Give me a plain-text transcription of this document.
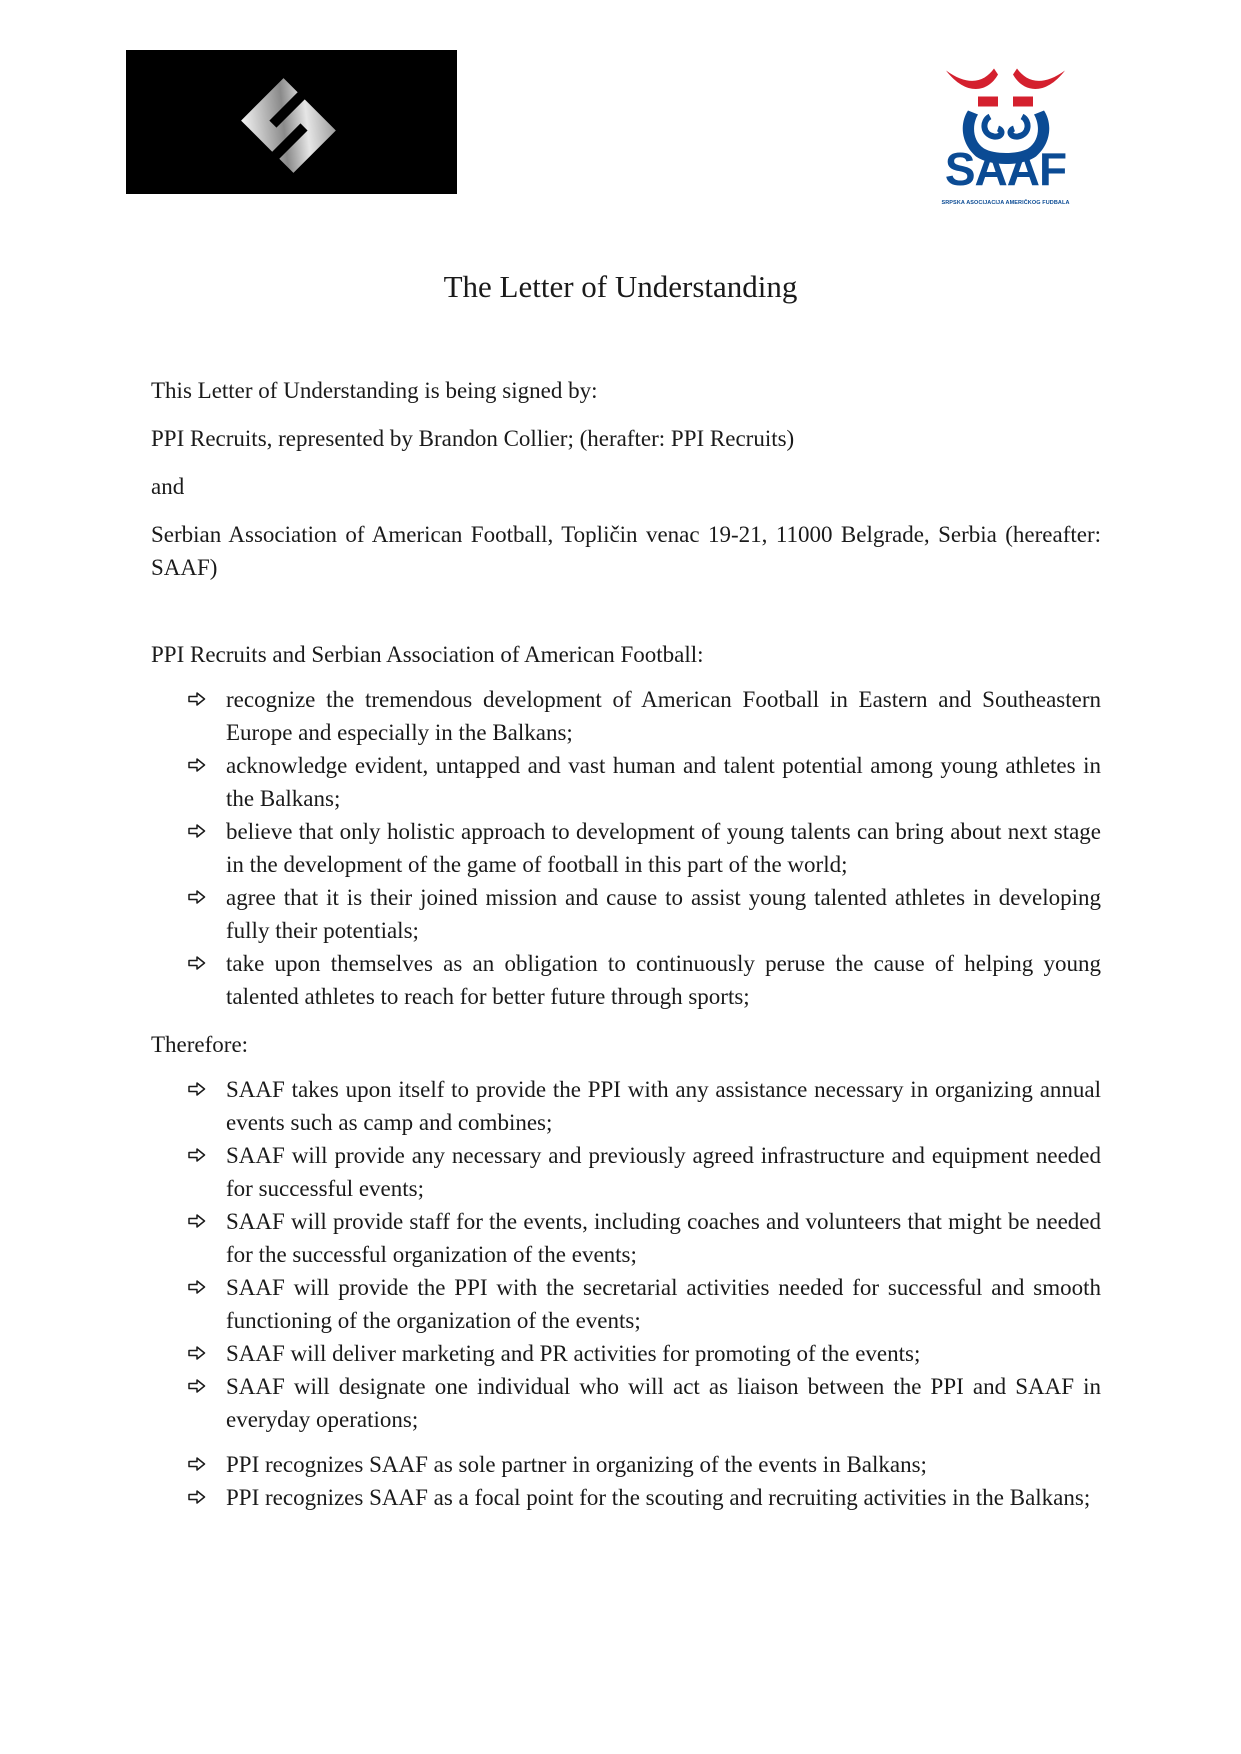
SAAF
SRPSKA ASOCIJACIJA AMERIČKOG FUDBALA
The Letter of Understanding

This Letter of Understanding is being signed by:

PPI Recruits, represented by Brandon Collier; (herafter: PPI Recruits)

and

Serbian Association of American Football, Topličin venac 19-21, 11000 Belgrade, Serbia (hereafter: SAAF)

PPI Recruits and Serbian Association of American Football:

recognize the tremendous development of American Football in Eastern and Southeastern Europe and especially in the Balkans;
acknowledge evident, untapped and vast human and talent potential among young athletes in the Balkans;
believe that only holistic approach to development of young talents can bring about next stage in the development of the game of football in this part of the world;
agree that it is their joined mission and cause to assist young talented athletes in developing fully their potentials;
take upon themselves as an obligation to continuously peruse the cause of helping young talented athletes to reach for better future through sports;

Therefore:

SAAF takes upon itself to provide the PPI with any assistance necessary in organizing annual events such as camp and combines;
SAAF will provide any necessary and previously agreed infrastructure and equipment needed for successful events;
SAAF will provide staff for the events, including coaches and volunteers that might be needed for the successful organization of the events;
SAAF will provide the PPI with the secretarial activities needed for successful and smooth functioning of the organization of the events;
SAAF will deliver marketing and PR activities for promoting of the events;
SAAF will designate one individual who will act as liaison between the PPI and SAAF in everyday operations;
PPI recognizes SAAF as sole partner in organizing of the events in Balkans;
PPI recognizes SAAF as a focal point for the scouting and recruiting activities in the Balkans;
